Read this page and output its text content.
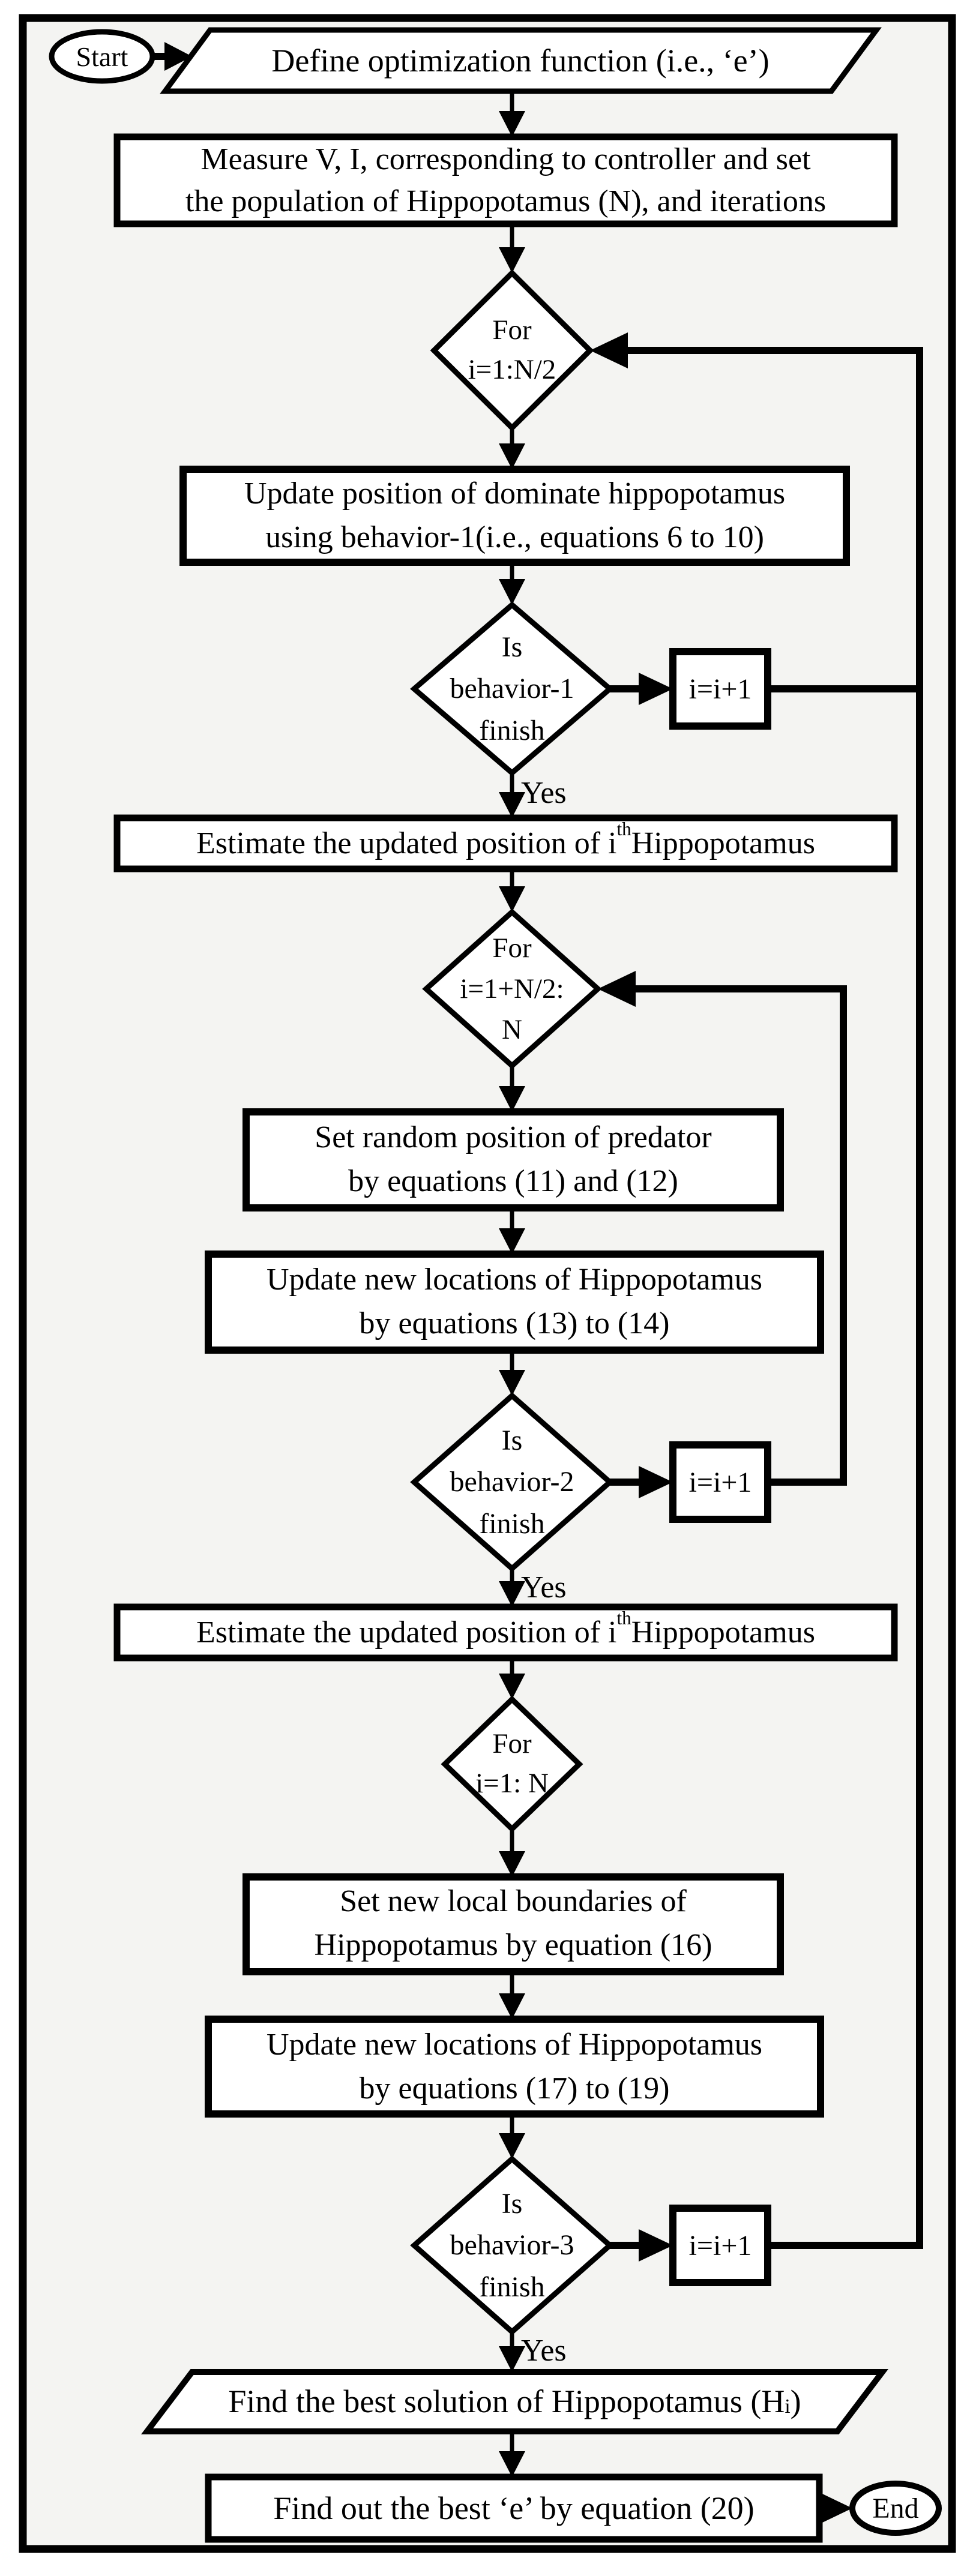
Start	Define optimization function (i.e., ‘e’)
Measure V, I, corresponding to controller and set
the population of Hippopotamus (N), and iterations
For
i=1:N/2
Update position of dominate hippopotamus
using behavior-1(i.e., equations 6 to 10)
Is
behavior-1
finish
i=i+1
Yes
Estimate the updated position of i $^{th}$ Hippopotamus
For
i=1+N/2:
N
Set random position of predator
by equations (11) and (12)
Update new locations of Hippopotamus
by equations (13) to (14)
Is
behavior-2
finish
i=i+1
Yes
Estimate the updated position of i $^{th}$ Hippopotamus
For
i=1: N
Set new local boundaries of
Hippopotamus by equation (16)
Update new locations of Hippopotamus
by equations (17) to (19)
Is
behavior-3
finish
i=i+1
Yes
Find the best solution of Hippopotamus (H $_i$ )
Find out the best ‘e’ by equation (20)	End
